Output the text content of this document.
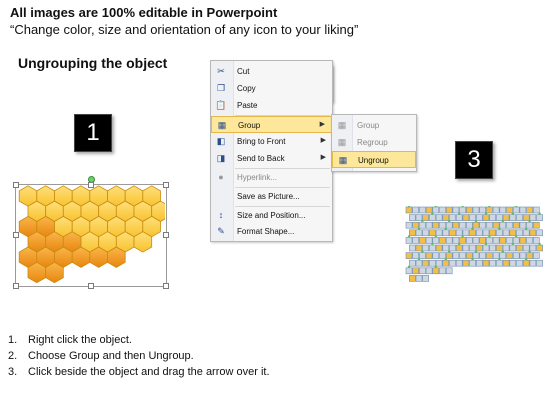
All images are 100% editable in Powerpoint
“Change color, size and orientation of any icon to your liking”
Ungrouping the object
1
3
✂ Cut
❐ Copy
📋 Paste
▦ Group	▶
◧ Bring to Front	▶
◨ Send to Back	▶
●	Hyperlink...
Save as Picture...
↕	Size and Position...
✎ Format Shape...
▦ Group
▦ Regroup
▦ Ungroup
1. Right click the object.
2. Choose Group and then Ungroup.
3. Click beside the object and drag the arrow over it.
